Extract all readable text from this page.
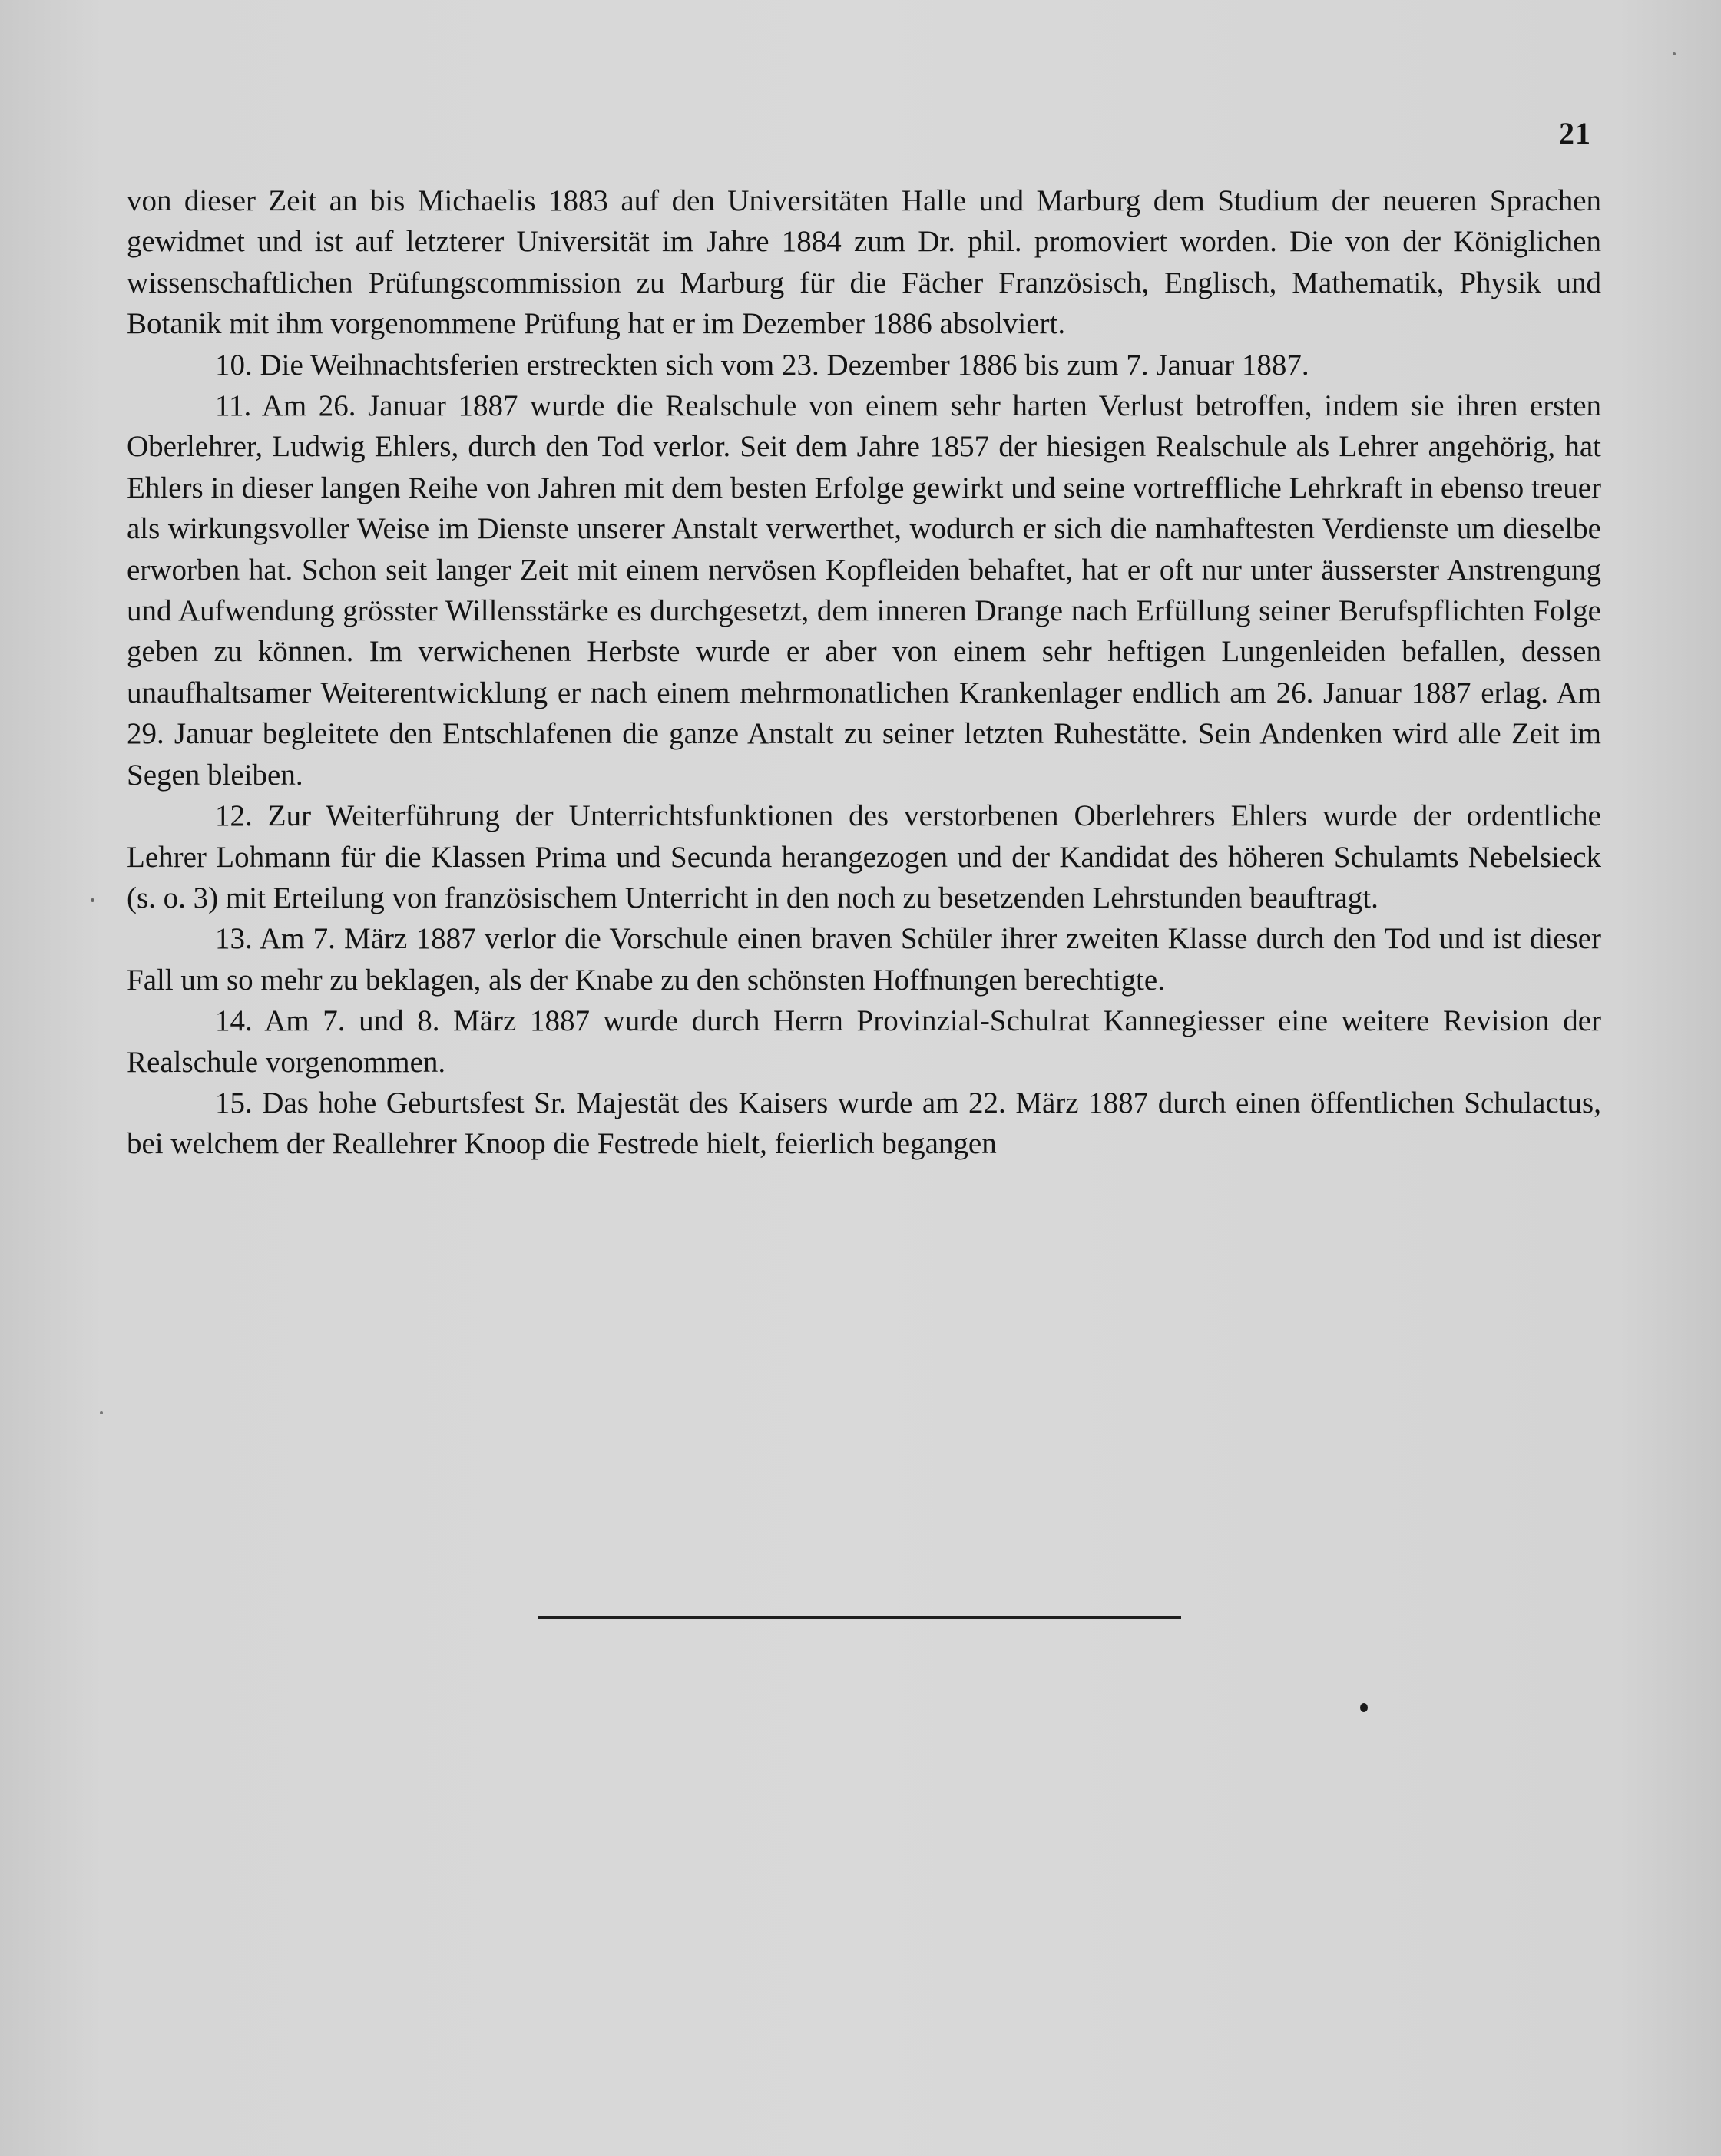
21

von dieser Zeit an bis Michaelis 1883 auf den Universitäten Halle und Marburg dem Studium der neueren Sprachen gewidmet und ist auf letzterer Universität im Jahre 1884 zum Dr. phil. promoviert worden. Die von der Königlichen wissenschaftlichen Prüfungscommission zu Marburg für die Fächer Französisch, Englisch, Mathematik, Physik und Botanik mit ihm vorgenommene Prüfung hat er im Dezember 1886 absolviert.

10. Die Weihnachtsferien erstreckten sich vom 23. Dezember 1886 bis zum 7. Januar 1887.

11. Am 26. Januar 1887 wurde die Realschule von einem sehr harten Verlust betroffen, indem sie ihren ersten Oberlehrer, Ludwig Ehlers, durch den Tod verlor. Seit dem Jahre 1857 der hiesigen Realschule als Lehrer angehörig, hat Ehlers in dieser langen Reihe von Jahren mit dem besten Erfolge gewirkt und seine vortreffliche Lehrkraft in ebenso treuer als wirkungsvoller Weise im Dienste unserer Anstalt verwerthet, wodurch er sich die namhaftesten Verdienste um dieselbe erworben hat. Schon seit langer Zeit mit einem nervösen Kopfleiden behaftet, hat er oft nur unter äusserster Anstrengung und Aufwendung grösster Willensstärke es durchgesetzt, dem inneren Drange nach Erfüllung seiner Berufspflichten Folge geben zu können. Im verwichenen Herbste wurde er aber von einem sehr heftigen Lungenleiden befallen, dessen unaufhaltsamer Weiterentwicklung er nach einem mehrmonatlichen Krankenlager endlich am 26. Januar 1887 erlag. Am 29. Januar begleitete den Entschlafenen die ganze Anstalt zu seiner letzten Ruhestätte. Sein Andenken wird alle Zeit im Segen bleiben.

12. Zur Weiterführung der Unterrichtsfunktionen des verstorbenen Oberlehrers Ehlers wurde der ordentliche Lehrer Lohmann für die Klassen Prima und Secunda herangezogen und der Kandidat des höheren Schulamts Nebelsieck (s. o. 3) mit Erteilung von französischem Unterricht in den noch zu besetzenden Lehrstunden beauftragt.

13. Am 7. März 1887 verlor die Vorschule einen braven Schüler ihrer zweiten Klasse durch den Tod und ist dieser Fall um so mehr zu beklagen, als der Knabe zu den schönsten Hoffnungen berechtigte.

14. Am 7. und 8. März 1887 wurde durch Herrn Provinzial-Schulrat Kannegiesser eine weitere Revision der Realschule vorgenommen.

15. Das hohe Geburtsfest Sr. Majestät des Kaisers wurde am 22. März 1887 durch einen öffentlichen Schulactus, bei welchem der Reallehrer Knoop die Festrede hielt, feierlich begangen
